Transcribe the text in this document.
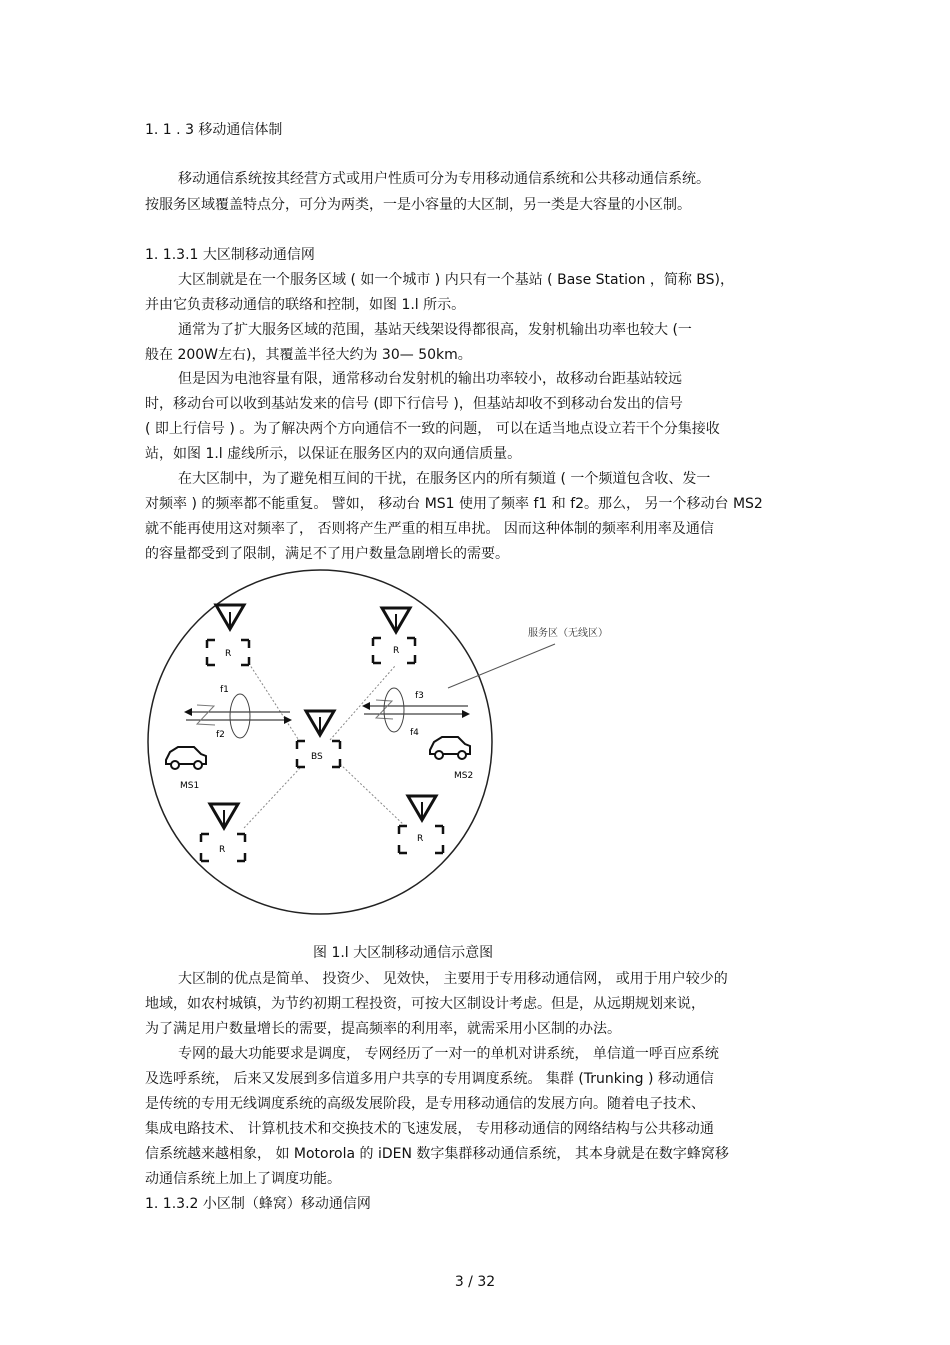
1. 1 . 3 移动通信体制
移动通信系统按其经营方式或用户性质可分为专用移动通信系统和公共移动通信系统。
按服务区域覆盖特点分，可分为两类，一是小容量的大区制，另一类是大容量的小区制。
1. 1.3.1 大区制移动通信网
大区制就是在一个服务区域 ( 如一个城市 ) 内只有一个基站 ( Base Station ，简称 BS)，
并由它负责移动通信的联络和控制，如图 1.l 所示。
通常为了扩大服务区域的范围，基站天线架设得都很高，发射机输出功率也较大 (一
般在 200W左右)，其覆盖半径大约为 30— 50km。
但是因为电池容量有限，通常移动台发射机的输出功率较小，故移动台距基站较远
时，移动台可以收到基站发来的信号 (即下行信号 )，但基站却收不到移动台发出的信号
( 即上行信号 ) 。为了解决两个方向通信不一致的问题， 可以在适当地点设立若干个分集接收
站，如图 1.l 虚线所示，以保证在服务区内的双向通信质量。
在大区制中，为了避免相互间的干扰，在服务区内的所有频道 ( 一个频道包含收、发一
对频率 ) 的频率都不能重复。 譬如， 移动台 MS1 使用了频率 f1 和 f2。那么， 另一个移动台 MS2
就不能再使用这对频率了， 否则将产生严重的相互串扰。 因而这种体制的频率利用率及通信
的容量都受到了限制，满足不了用户数量急剧增长的需要。
服务区（无线区）
R	R
BS
R
R
f1
f2
f3
f4
MS1
MS2
图 1.l 大区制移动通信示意图
大区制的优点是简单、 投资少、 见效快， 主要用于专用移动通信网， 或用于用户较少的
地域，如农村城镇，为节约初期工程投资，可按大区制设计考虑。但是，从远期规划来说，
为了满足用户数量增长的需要，提高频率的利用率，就需采用小区制的办法。
专网的最大功能要求是调度， 专网经历了一对一的单机对讲系统， 单信道一呼百应系统
及选呼系统， 后来又发展到多信道多用户共享的专用调度系统。 集群 (Trunking ) 移动通信
是传统的专用无线调度系统的高级发展阶段，是专用移动通信的发展方向。随着电子技术、
集成电路技术、 计算机技术和交换技术的飞速发展， 专用移动通信的网络结构与公共移动通
信系统越来越相象， 如 Motorola 的 iDEN 数字集群移动通信系统， 其本身就是在数字蜂窝移
动通信系统上加上了调度功能。
1. 1.3.2 小区制（蜂窝）移动通信网
3 / 32
